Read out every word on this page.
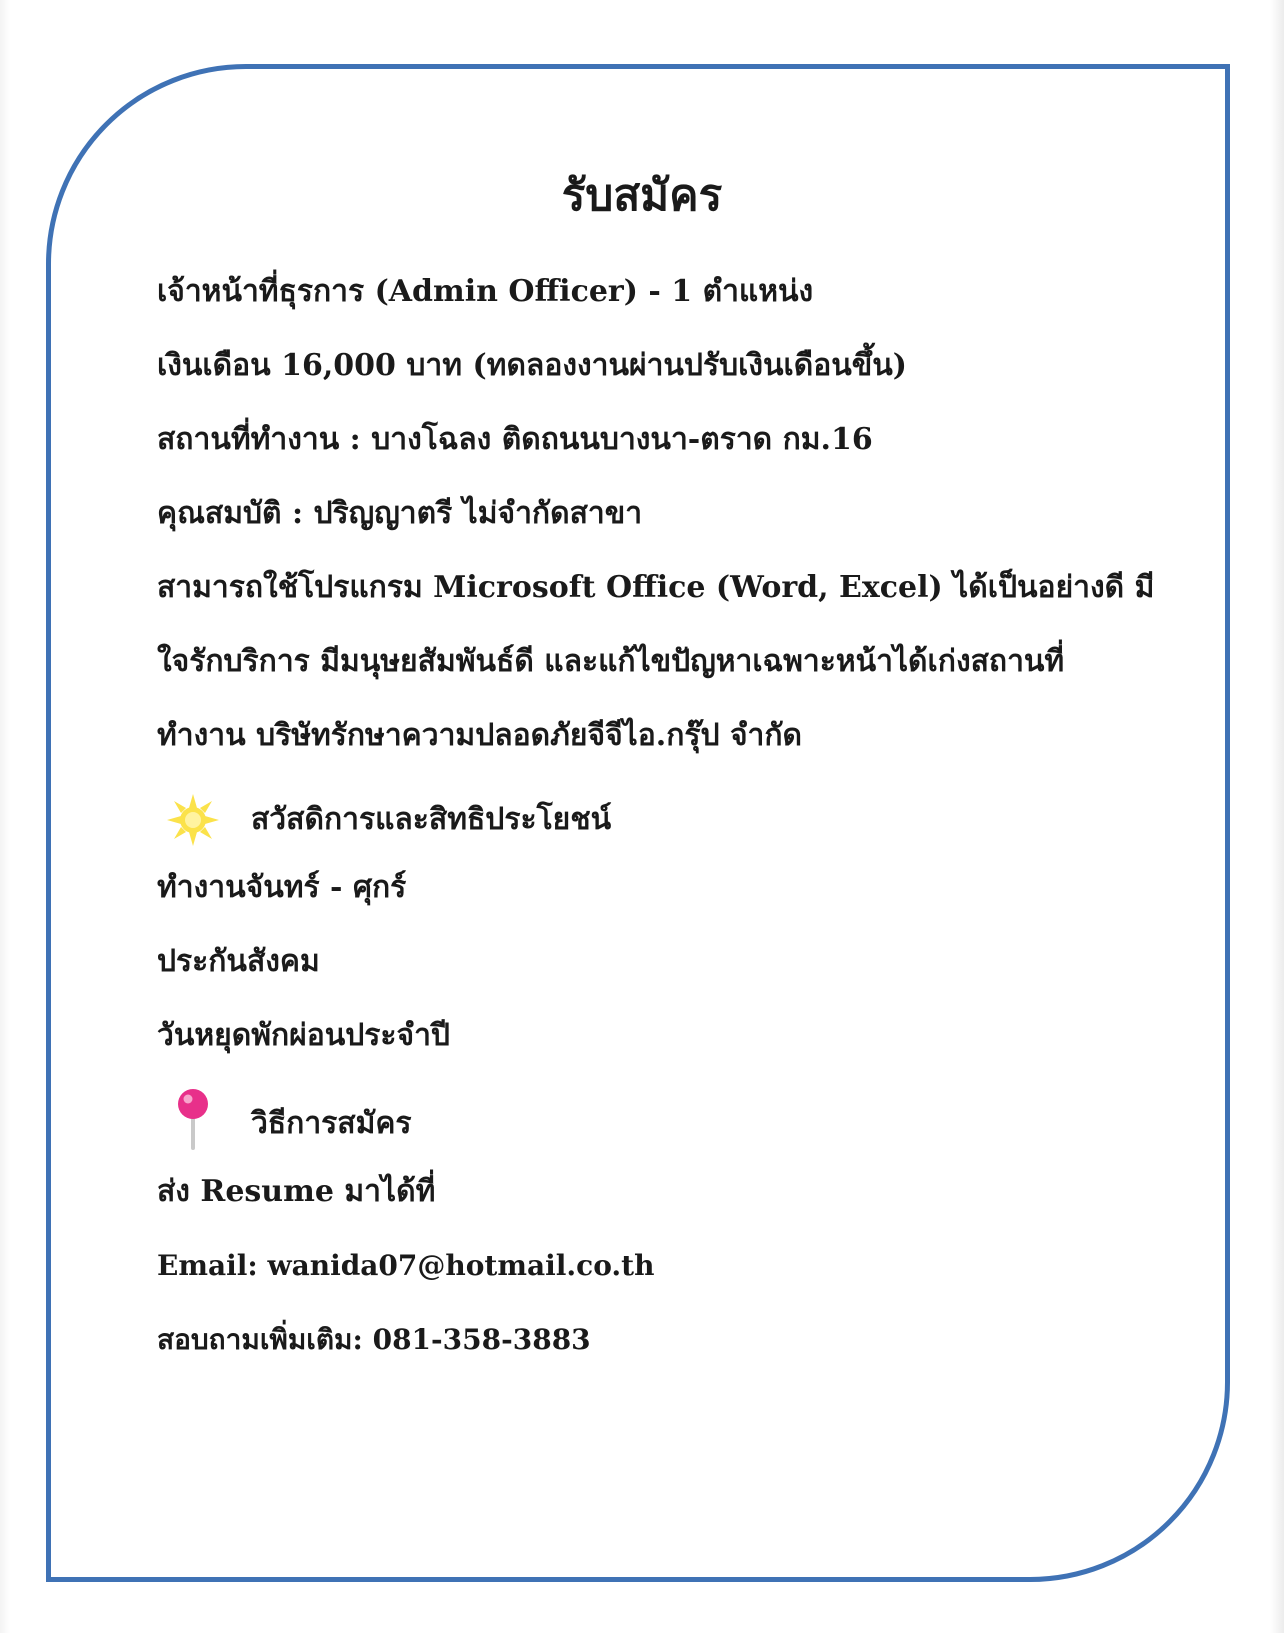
รับสมัคร

เจ้าหน้าที่ธุรการ (Admin Officer) - 1 ตำแหน่ง

เงินเดือน 16,000 บาท (ทดลองงานผ่านปรับเงินเดือนขึ้น)

สถานที่ทำงาน : บางโฉลง ติดถนนบางนา-ตราด กม.16

คุณสมบัติ : ปริญญาตรี ไม่จำกัดสาขา

สามารถใช้โปรแกรม Microsoft Office (Word, Excel) ได้เป็นอย่างดี มี

ใจรักบริการ มีมนุษยสัมพันธ์ดี และแก้ไขปัญหาเฉพาะหน้าได้เก่งสถานที่

ทำงาน บริษัทรักษาความปลอดภัยจีจีไอ.กรุ๊ป จำกัด

สวัสดิการและสิทธิประโยชน์

ทำงานจันทร์ - ศุกร์

ประกันสังคม

วันหยุดพักผ่อนประจำปี

วิธีการสมัคร

ส่ง Resume มาได้ที่

Email: wanida07@hotmail.co.th

สอบถามเพิ่มเติม: 081-358-3883
